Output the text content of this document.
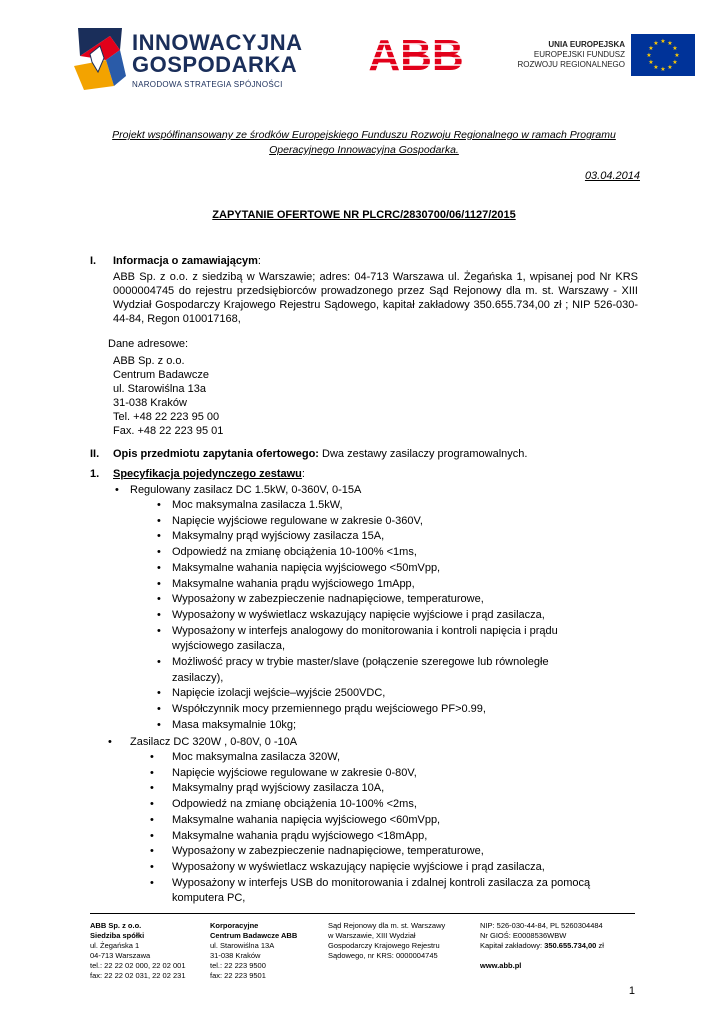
INNOWACYJNA
GOSPODARKA
NARODOWA STRATEGIA SPÓJNOŚCI
ABB	UNIA EUROPEJSKA
EUROPEJSKI FUNDUSZ
ROZWOJU REGIONALNEGO
★ ★
★
★
★
★
★
★
★
★
★
★
Projekt współfinansowany ze środków Europejskiego Funduszu Rozwoju Regionalnego w ramach Programu
Operacyjnego Innowacyjna Gospodarka.
03.04.2014
ZAPYTANIE OFERTOWE NR PLCRC/2830700/06/1127/2015
I. Informacja o zamawiającym:
ABB Sp. z o.o. z siedzibą w Warszawie; adres: 04-713 Warszawa ul. Żegańska 1, wpisanej pod Nr KRS 0000004745 do rejestru przedsiębiorców prowadzonego przez Sąd Rejonowy dla m. st. Warszawy - XIII Wydział Gospodarczy Krajowego Rejestru Sądowego, kapitał zakładowy 350.655.734,00 zł ; NIP 526-030-44-84, Regon 010017168,
Dane adresowe:
ABB Sp. z o.o.
Centrum Badawcze
ul. Starowiślna 13a
31-038 Kraków
Tel. +48 22 223 95 00
Fax. +48 22 223 95 01
II. Opis przedmiotu zapytania ofertowego: Dwa zestawy zasilaczy programowalnych.
1. Specyfikacja pojedynczego zestawu:
• Regulowany zasilacz DC 1.5kW, 0-360V, 0-15A
• Moc maksymalna zasilacza 1.5kW,
• Napięcie wyjściowe regulowane w zakresie 0-360V,
• Maksymalny prąd wyjściowy zasilacza 15A,
• Odpowiedź na zmianę obciążenia 10-100% <1ms,
• Maksymalne wahania napięcia wyjściowego <50mVpp,
• Maksymalne wahania prądu wyjściowego 1mApp,
• Wyposażony w zabezpieczenie nadnapięciowe, temperaturowe,
• Wyposażony w wyświetlacz wskazujący napięcie wyjściowe i prąd zasilacza,
• Wyposażony w interfejs analogowy do monitorowania i kontroli napięcia i prądu
wyjściowego zasilacza,
• Możliwość pracy w trybie master/slave (połączenie szeregowe lub równoległe
zasilaczy),
• Napięcie izolacji wejście–wyjście 2500VDC,
• Współczynnik mocy przemiennego prądu wejściowego PF>0.99,
• Masa maksymalnie 10kg;
• Zasilacz DC 320W , 0-80V, 0 -10A
• Moc maksymalna zasilacza 320W,
• Napięcie wyjściowe regulowane w zakresie 0-80V,
• Maksymalny prąd wyjściowy zasilacza 10A,
• Odpowiedź na zmianę obciążenia 10-100% <2ms,
• Maksymalne wahania napięcia wyjściowego <60mVpp,
• Maksymalne wahania prądu wyjściowego <18mApp,
• Wyposażony w zabezpieczenie nadnapięciowe, temperaturowe,
• Wyposażony w wyświetlacz wskazujący napięcie wyjściowe i prąd zasilacza,
• Wyposażony w interfejs USB do monitorowania i zdalnej kontroli zasilacza za pomocą
komputera PC,
ABB Sp. z o.o.
Siedziba spółki
ul. Żegańska 1
04-713 Warszawa
tel.: 22 22 02 000, 22 02 001
fax: 22 22 02 031, 22 02 231
Korporacyjne
Centrum Badawcze ABB
ul. Starowiślna 13A
31-038 Kraków
tel.: 22 223 9500
fax: 22 223 9501
Sąd Rejonowy dla m. st. Warszawy
w Warszawie, XIII Wydział
Gospodarczy Krajowego Rejestru
Sądowego, nr KRS: 0000004745
NIP: 526-030-44-84, PL 5260304484
Nr GIOŚ: E0008536WBW
Kapitał zakładowy: 350.655.734,00 zł
www.abb.pl
1
